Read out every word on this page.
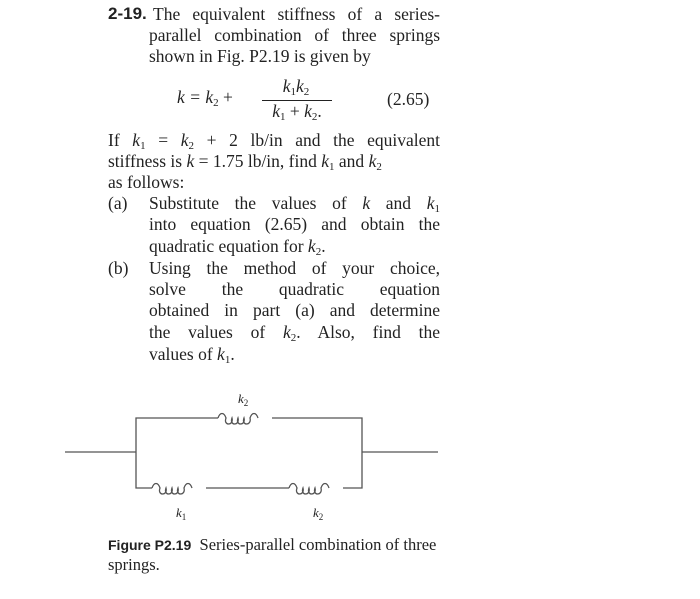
2-19. The equivalent stiffness of a series-
parallel combination of three springs
shown in Fig. P2.19 is given by
$k = k_2$ +
$k_1k_2$
$k_1 + k_2$.
(2.65)
If $k_1 = k_2 + 2$ lb/in and the equivalent
stiffness is k = 1.75 lb/in, find $k_1$ and $k_2$
as follows:
(a) Substitute the values of k and $k_1$
into equation (2.65) and obtain the
quadratic equation for $k_2$.
(b) Using the method of your choice,
solve the quadratic equation
obtained in part (a) and determine
the values of $k_2$. Also, find the
values of $k_1$.
$k_2$
$k_1$	$k_2$
Figure P2.19 Series-parallel combination of three
springs.
